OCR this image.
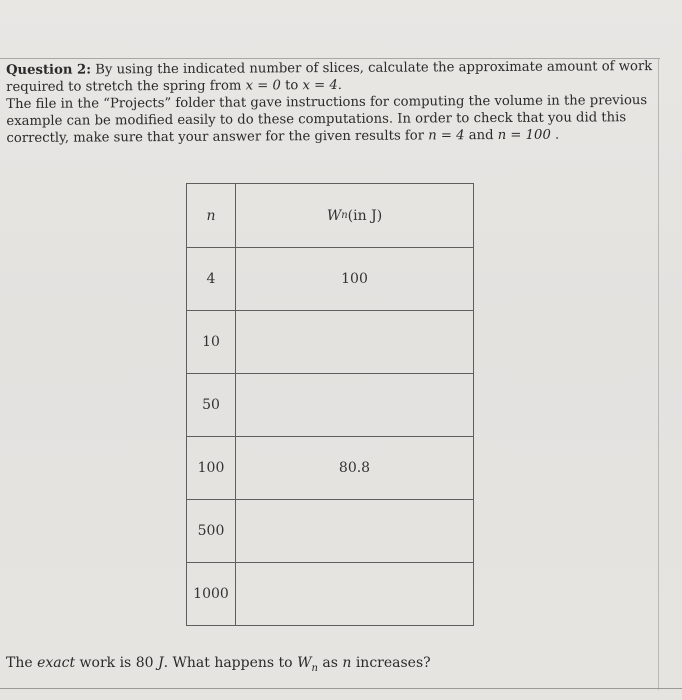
Question 2: By using the indicated number of slices, calculate the approximate amount of work required to stretch the spring from x = 0 to x = 4.

The file in the “Projects” folder that gave instructions for computing the volume in the previous example can be modified easily to do these computations. In order to check that you did this correctly, make sure that your answer for the given results for n = 4 and n = 100 .

n	W n (in J)

4	100

10	

50	

100	80.8

500	

1000	

The exact work is 80 J. What happens to $W_n$ as n increases?
